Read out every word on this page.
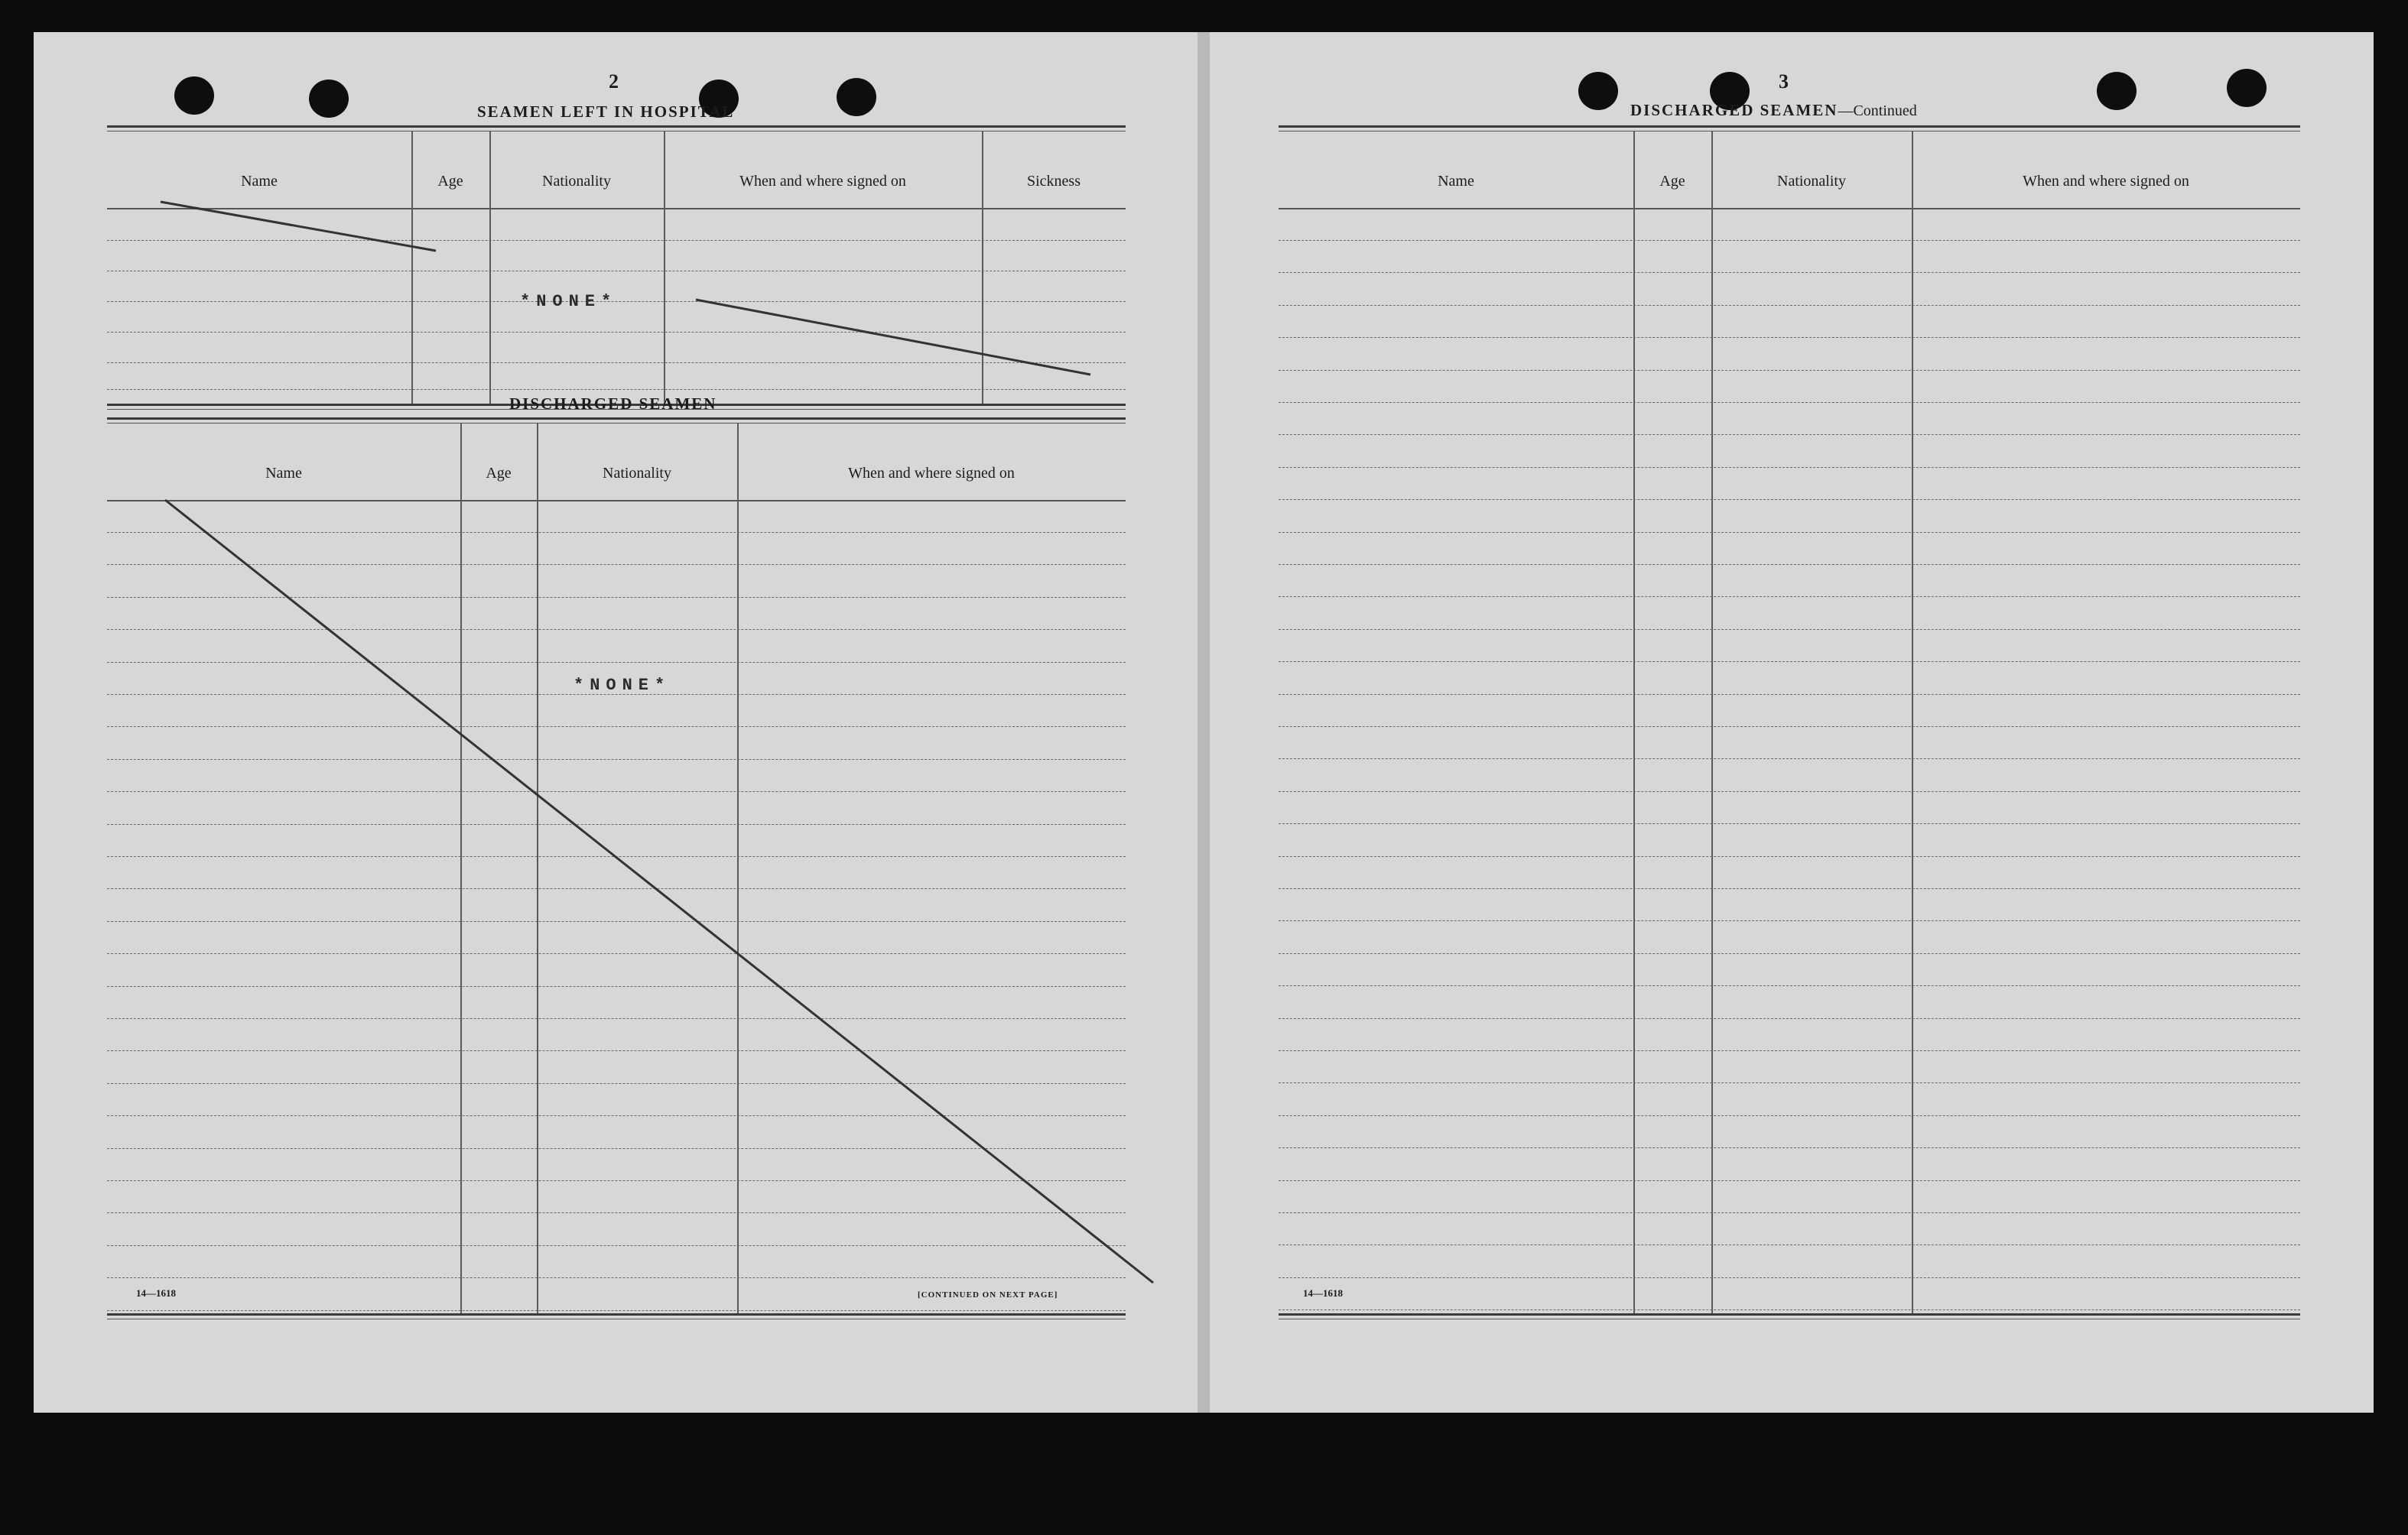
2
SEAMEN LEFT IN HOSPITAL
Name	Age	Nationality	When and where signed on	Sickness
*NONE*
DISCHARGED SEAMEN
Name	Age	Nationality	When and where signed on
*NONE*
14—1618	[CONTINUED ON NEXT PAGE]
3
DISCHARGED SEAMEN—Continued
Name	Age	Nationality	When and where signed on
14—1618
